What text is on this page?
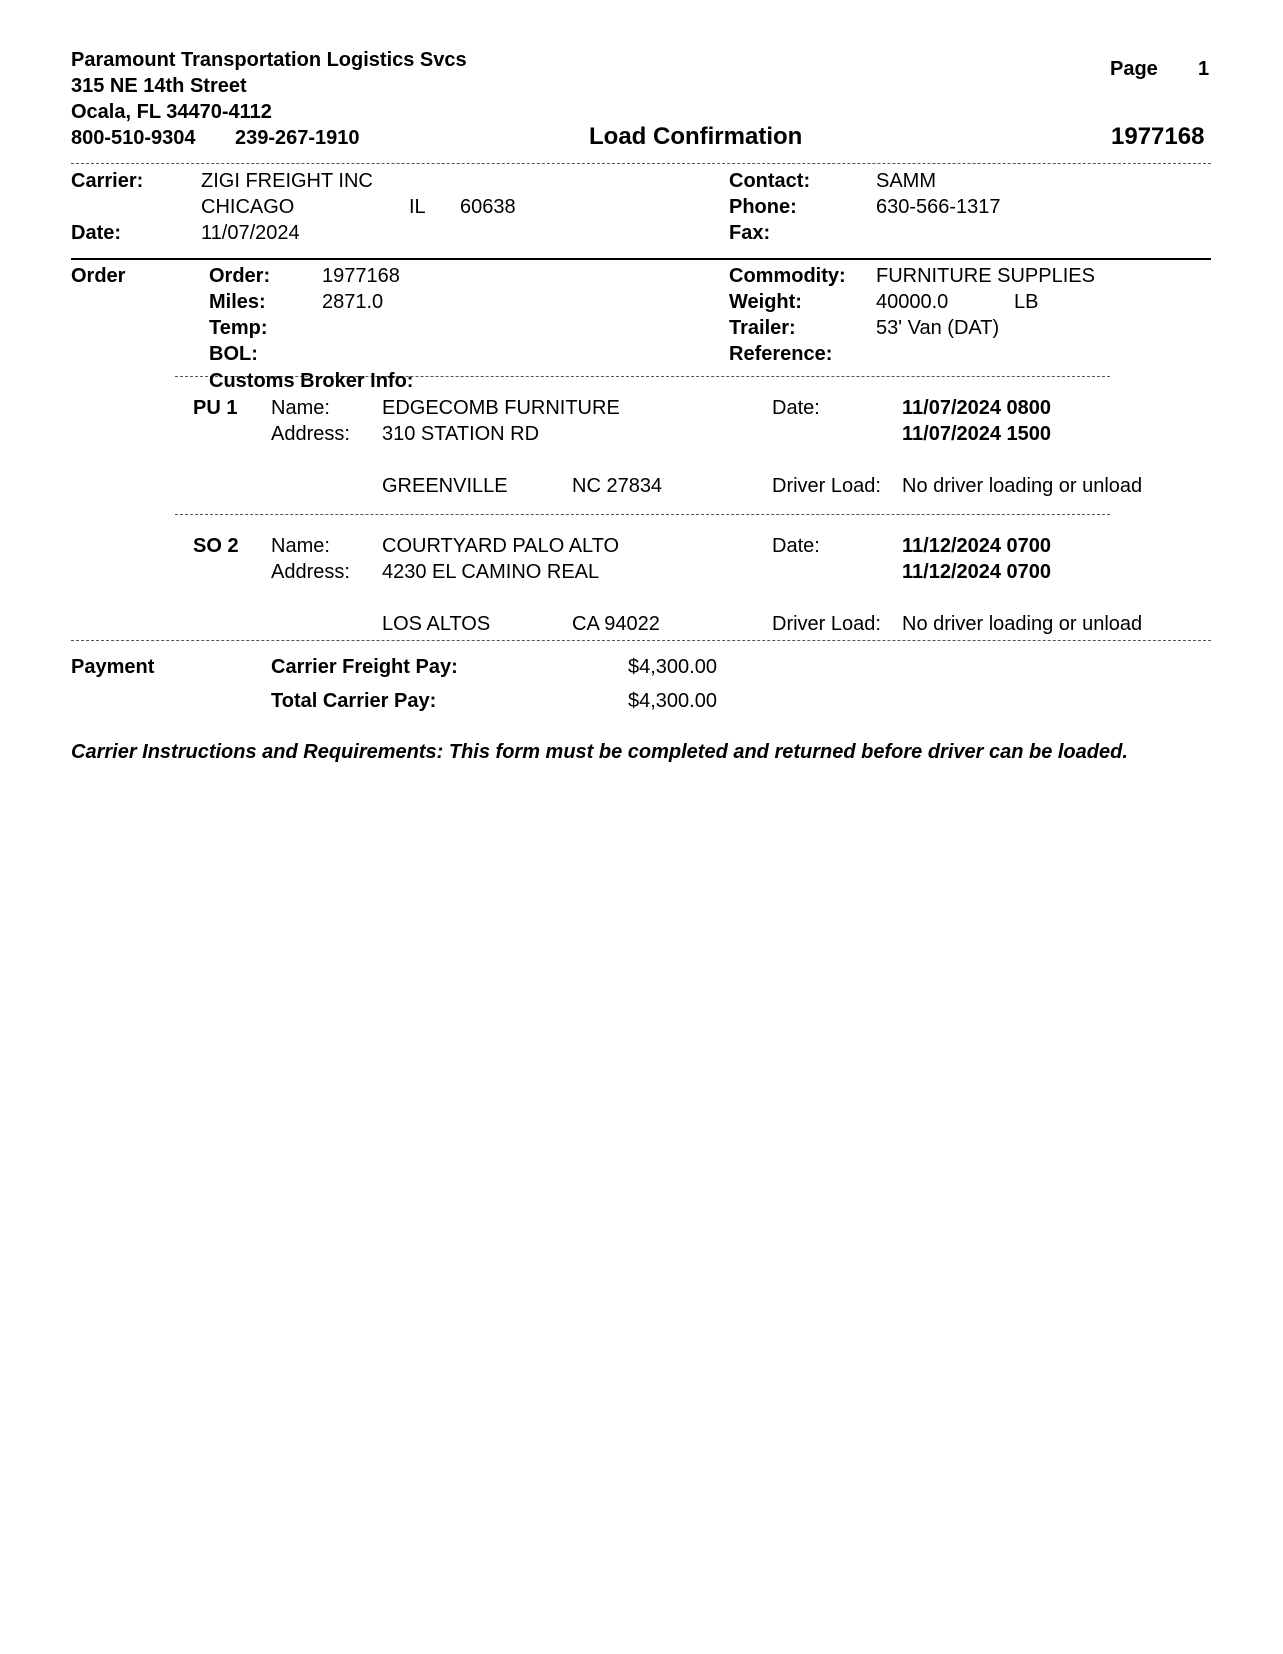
Paramount Transportation Logistics Svcs
315 NE 14th Street
Ocala, FL 34470-4112
800-510-9304 239-267-1910
Page 1
Load Confirmation	1977168
Carrier:	ZIGI FREIGHT INC
CHICAGO	IL 60638
Date:	11/07/2024
Contact:	SAMM
Phone:	630-566-1317
Fax:
Order	Order:	1977168
Miles:	2871.0
Temp:
BOL:
Commodity: FURNITURE SUPPLIES
Weight:	40000.0	LB
Trailer:	53' Van (DAT)
Reference:
Customs Broker Info:
PU 1 Name:	EDGECOMB FURNITURE
Address: 310 STATION RD
GREENVILLE	NC 27834
Date:	11/07/2024 0800
11/07/2024 1500
Driver Load: No driver loading or unload
SO 2 Name:	COURTYARD PALO ALTO
Address: 4230 EL CAMINO REAL
LOS ALTOS	CA 94022
Date:	11/12/2024 0700
11/12/2024 0700
Driver Load: No driver loading or unload
Payment	Carrier Freight Pay:	$4,300.00
Total Carrier Pay:	$4,300.00
Carrier Instructions and Requirements: This form must be completed and returned before driver can be loaded.
